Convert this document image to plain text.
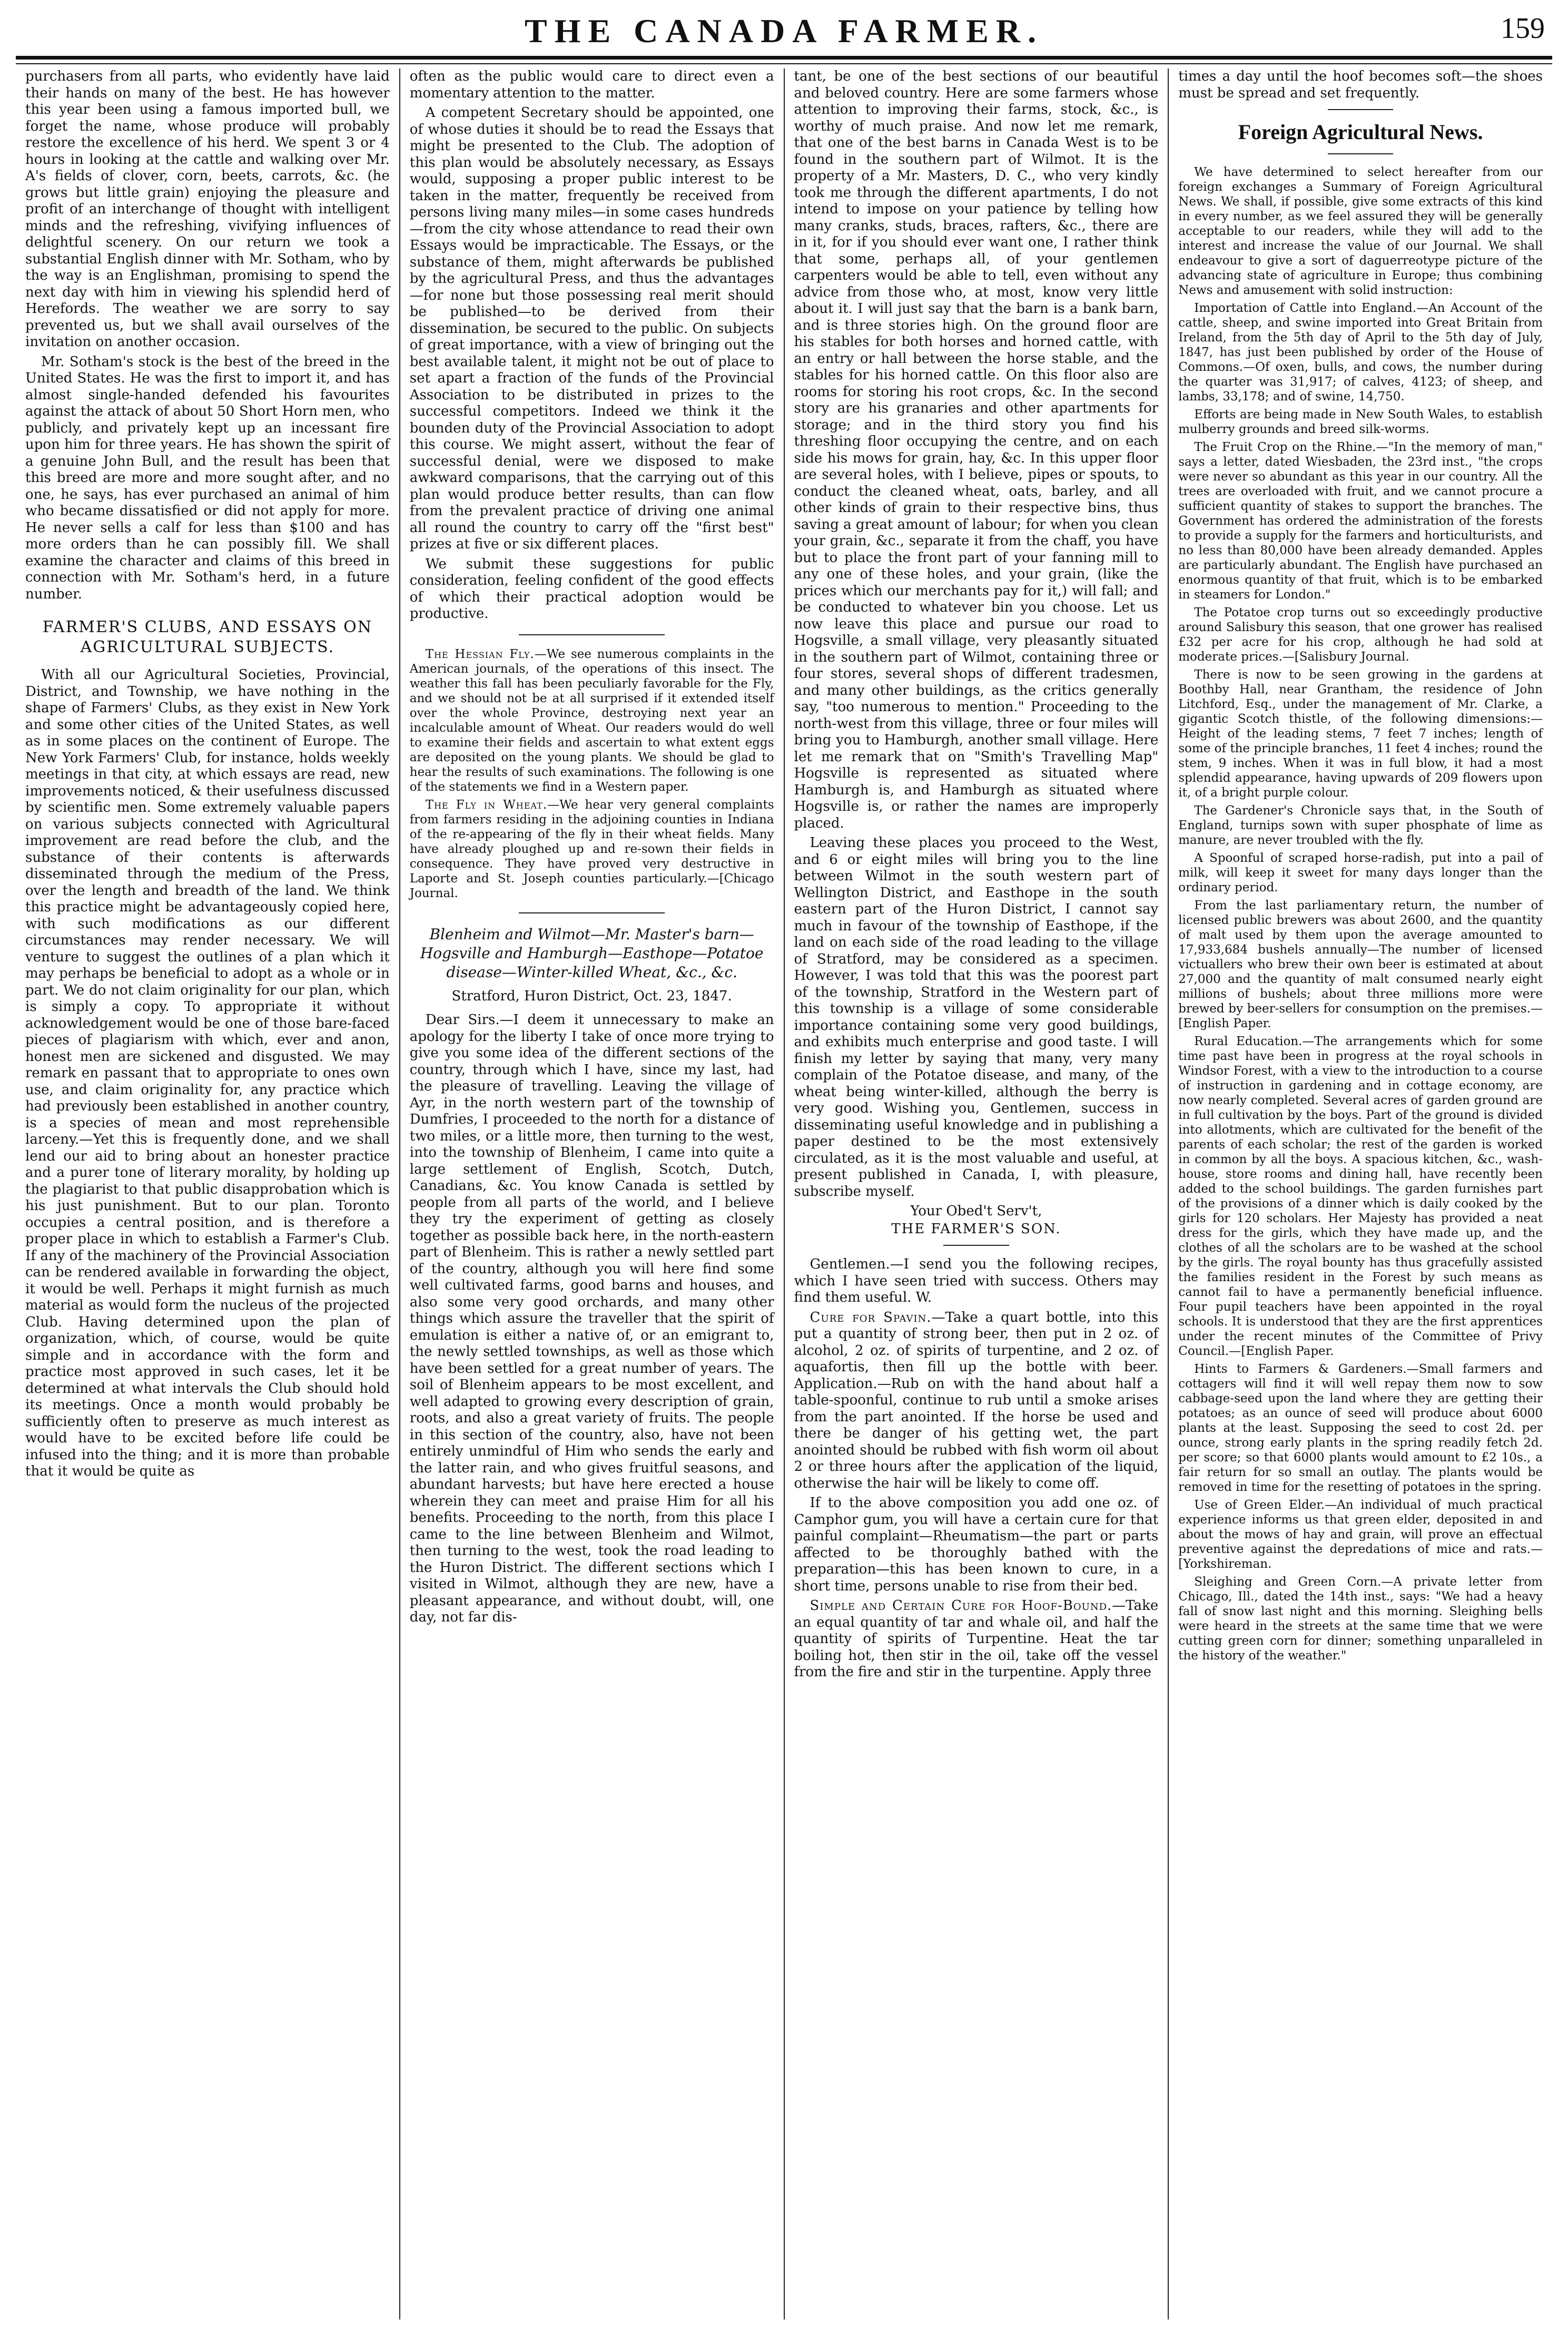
THE CANADA FARMER.	159

purchasers from all parts, who evidently have laid their hands on many of the best. He has however this year been using a famous imported bull, we forget the name, whose produce will probably restore the excellence of his herd. We spent 3 or 4 hours in looking at the cattle and walking over Mr. A's fields of clover, corn, beets, carrots, &c. (he grows but little grain) enjoying the pleasure and profit of an interchange of thought with intelligent minds and the refreshing, vivifying influences of delightful scenery. On our return we took a substantial English dinner with Mr. Sotham, who by the way is an Englishman, promising to spend the next day with him in viewing his splendid herd of Herefords. The weather we are sorry to say prevented us, but we shall avail ourselves of the invitation on another occasion.

Mr. Sotham's stock is the best of the breed in the United States. He was the first to import it, and has almost single-handed defended his favourites against the attack of about 50 Short Horn men, who publicly, and privately kept up an incessant fire upon him for three years. He has shown the spirit of a genuine John Bull, and the result has been that this breed are more and more sought after, and no one, he says, has ever purchased an animal of him who became dissatisfied or did not apply for more. He never sells a calf for less than $100 and has more orders than he can possibly fill. We shall examine the character and claims of this breed in connection with Mr. Sotham's herd, in a future number.

FARMER'S CLUBS, AND ESSAYS ON AGRICULTURAL SUBJECTS.

With all our Agricultural Societies, Provincial, District, and Township, we have nothing in the shape of Farmers' Clubs, as they exist in New York and some other cities of the United States, as well as in some places on the continent of Europe. The New York Farmers' Club, for instance, holds weekly meetings in that city, at which essays are read, new improvements noticed, & their usefulness discussed by scientific men. Some extremely valuable papers on various subjects connected with Agricultural improvement are read before the club, and the substance of their contents is afterwards disseminated through the medium of the Press, over the length and breadth of the land. We think this practice might be advantageously copied here, with such modifications as our different circumstances may render necessary. We will venture to suggest the outlines of a plan which it may perhaps be beneficial to adopt as a whole or in part. We do not claim originality for our plan, which is simply a copy. To appropriate it without acknowledgement would be one of those bare-faced pieces of plagiarism with which, ever and anon, honest men are sickened and disgusted. We may remark en passant that to appropriate to ones own use, and claim originality for, any practice which had previously been established in another country, is a species of mean and most reprehensible larceny.—Yet this is frequently done, and we shall lend our aid to bring about an honester practice and a purer tone of literary morality, by holding up the plagiarist to that public disapprobation which is his just punishment. But to our plan. Toronto occupies a central position, and is therefore a proper place in which to establish a Farmer's Club. If any of the machinery of the Provincial Association can be rendered available in forwarding the object, it would be well. Perhaps it might furnish as much material as would form the nucleus of the projected Club. Having determined upon the plan of organization, which, of course, would be quite simple and in accordance with the form and practice most approved in such cases, let it be determined at what intervals the Club should hold its meetings. Once a month would probably be sufficiently often to preserve as much interest as would have to be excited before life could be infused into the thing; and it is more than probable that it would be quite as

often as the public would care to direct even a momentary attention to the matter.

A competent Secretary should be appointed, one of whose duties it should be to read the Essays that might be presented to the Club. The adoption of this plan would be absolutely necessary, as Essays would, supposing a proper public interest to be taken in the matter, frequently be received from persons living many miles—in some cases hundreds—from the city whose attendance to read their own Essays would be impracticable. The Essays, or the substance of them, might afterwards be published by the agricultural Press, and thus the advantages—for none but those possessing real merit should be published—to be derived from their dissemination, be secured to the public. On subjects of great importance, with a view of bringing out the best available talent, it might not be out of place to set apart a fraction of the funds of the Provincial Association to be distributed in prizes to the successful competitors. Indeed we think it the bounden duty of the Provincial Association to adopt this course. We might assert, without the fear of successful denial, were we disposed to make awkward comparisons, that the carrying out of this plan would produce better results, than can flow from the prevalent practice of driving one animal all round the country to carry off the "first best" prizes at five or six different places.

We submit these suggestions for public consideration, feeling confident of the good effects of which their practical adoption would be productive.

The Hessian Fly.—We see numerous complaints in the American journals, of the operations of this insect. The weather this fall has been peculiarly favorable for the Fly, and we should not be at all surprised if it extended itself over the whole Province, destroying next year an incalculable amount of Wheat. Our readers would do well to examine their fields and ascertain to what extent eggs are deposited on the young plants. We should be glad to hear the results of such examinations. The following is one of the statements we find in a Western paper.

The Fly in Wheat.—We hear very general complaints from farmers residing in the adjoining counties in Indiana of the re-appearing of the fly in their wheat fields. Many have already ploughed up and re-sown their fields in consequence. They have proved very destructive in Laporte and St. Joseph counties particularly.—[Chicago Journal.

Blenheim and Wilmot—Mr. Master's barn—Hogsville and Hamburgh—Easthope—Potatoe disease—Winter-killed Wheat, &c., &c.

Stratford, Huron District, Oct. 23, 1847.

Dear Sirs.—I deem it unnecessary to make an apology for the liberty I take of once more trying to give you some idea of the different sections of the country, through which I have, since my last, had the pleasure of travelling. Leaving the village of Ayr, in the north western part of the township of Dumfries, I proceeded to the north for a distance of two miles, or a little more, then turning to the west, into the township of Blenheim, I came into quite a large settlement of English, Scotch, Dutch, Canadians, &c. You know Canada is settled by people from all parts of the world, and I believe they try the experiment of getting as closely together as possible back here, in the north-eastern part of Blenheim. This is rather a newly settled part of the country, although you will here find some well cultivated farms, good barns and houses, and also some very good orchards, and many other things which assure the traveller that the spirit of emulation is either a native of, or an emigrant to, the newly settled townships, as well as those which have been settled for a great number of years. The soil of Blenheim appears to be most excellent, and well adapted to growing every description of grain, roots, and also a great variety of fruits. The people in this section of the country, also, have not been entirely unmindful of Him who sends the early and the latter rain, and who gives fruitful seasons, and abundant harvests; but have here erected a house wherein they can meet and praise Him for all his benefits. Proceeding to the north, from this place I came to the line between Blenheim and Wilmot, then turning to the west, took the road leading to the Huron District. The different sections which I visited in Wilmot, although they are new, have a pleasant appearance, and without doubt, will, one day, not far dis-

tant, be one of the best sections of our beautiful and beloved country. Here are some farmers whose attention to improving their farms, stock, &c., is worthy of much praise. And now let me remark, that one of the best barns in Canada West is to be found in the southern part of Wilmot. It is the property of a Mr. Masters, D. C., who very kindly took me through the different apartments, I do not intend to impose on your patience by telling how many cranks, studs, braces, rafters, &c., there are in it, for if you should ever want one, I rather think that some, perhaps all, of your gentlemen carpenters would be able to tell, even without any advice from those who, at most, know very little about it. I will just say that the barn is a bank barn, and is three stories high. On the ground floor are his stables for both horses and horned cattle, with an entry or hall between the horse stable, and the stables for his horned cattle. On this floor also are rooms for storing his root crops, &c. In the second story are his granaries and other apartments for storage; and in the third story you find his threshing floor occupying the centre, and on each side his mows for grain, hay, &c. In this upper floor are several holes, with I believe, pipes or spouts, to conduct the cleaned wheat, oats, barley, and all other kinds of grain to their respective bins, thus saving a great amount of labour; for when you clean your grain, &c., separate it from the chaff, you have but to place the front part of your fanning mill to any one of these holes, and your grain, (like the prices which our merchants pay for it,) will fall; and be conducted to whatever bin you choose. Let us now leave this place and pursue our road to Hogsville, a small village, very pleasantly situated in the southern part of Wilmot, containing three or four stores, several shops of different tradesmen, and many other buildings, as the critics generally say, "too numerous to mention." Proceeding to the north-west from this village, three or four miles will bring you to Hamburgh, another small village. Here let me remark that on "Smith's Travelling Map" Hogsville is represented as situated where Hamburgh is, and Hamburgh as situated where Hogsville is, or rather the names are improperly placed.

Leaving these places you proceed to the West, and 6 or eight miles will bring you to the line between Wilmot in the south western part of Wellington District, and Easthope in the south eastern part of the Huron District, I cannot say much in favour of the township of Easthope, if the land on each side of the road leading to the village of Stratford, may be considered as a specimen. However, I was told that this was the poorest part of the township, Stratford in the Western part of this township is a village of some considerable importance containing some very good buildings, and exhibits much enterprise and good taste. I will finish my letter by saying that many, very many complain of the Potatoe disease, and many, of the wheat being winter-killed, although the berry is very good. Wishing you, Gentlemen, success in disseminating useful knowledge and in publishing a paper destined to be the most extensively circulated, as it is the most valuable and useful, at present published in Canada, I, with pleasure, subscribe myself.

Your Obed't Serv't,

THE FARMER'S SON.

Gentlemen.—I send you the following recipes, which I have seen tried with success. Others may find them useful. W.

Cure for Spavin.—Take a quart bottle, into this put a quantity of strong beer, then put in 2 oz. of alcohol, 2 oz. of spirits of turpentine, and 2 oz. of aquafortis, then fill up the bottle with beer. Application.—Rub on with the hand about half a table-spoonful, continue to rub until a smoke arises from the part anointed. If the horse be used and there be danger of his getting wet, the part anointed should be rubbed with fish worm oil about 2 or three hours after the application of the liquid, otherwise the hair will be likely to come off.

If to the above composition you add one oz. of Camphor gum, you will have a certain cure for that painful complaint—Rheumatism—the part or parts affected to be thoroughly bathed with the preparation—this has been known to cure, in a short time, persons unable to rise from their bed.

Simple and Certain Cure for Hoof-Bound.—Take an equal quantity of tar and whale oil, and half the quantity of spirits of Turpentine. Heat the tar boiling hot, then stir in the oil, take off the vessel from the fire and stir in the turpentine. Apply three

times a day until the hoof becomes soft—the shoes must be spread and set frequently.

Foreign Agricultural News.

We have determined to select hereafter from our foreign exchanges a Summary of Foreign Agricultural News. We shall, if possible, give some extracts of this kind in every number, as we feel assured they will be generally acceptable to our readers, while they will add to the interest and increase the value of our Journal. We shall endeavour to give a sort of daguerreotype picture of the advancing state of agriculture in Europe; thus combining News and amusement with solid instruction:

Importation of Cattle into England.—An Account of the cattle, sheep, and swine imported into Great Britain from Ireland, from the 5th day of April to the 5th day of July, 1847, has just been published by order of the House of Commons.—Of oxen, bulls, and cows, the number during the quarter was 31,917; of calves, 4123; of sheep, and lambs, 33,178; and of swine, 14,750.

Efforts are being made in New South Wales, to establish mulberry grounds and breed silk-worms.

The Fruit Crop on the Rhine.—"In the memory of man," says a letter, dated Wiesbaden, the 23rd inst., "the crops were never so abundant as this year in our country. All the trees are overloaded with fruit, and we cannot procure a sufficient quantity of stakes to support the branches. The Government has ordered the administration of the forests to provide a supply for the farmers and horticulturists, and no less than 80,000 have been already demanded. Apples are particularly abundant. The English have purchased an enormous quantity of that fruit, which is to be embarked in steamers for London."

The Potatoe crop turns out so exceedingly productive around Salisbury this season, that one grower has realised £32 per acre for his crop, although he had sold at moderate prices.—[Salisbury Journal.

There is now to be seen growing in the gardens at Boothby Hall, near Grantham, the residence of John Litchford, Esq., under the management of Mr. Clarke, a gigantic Scotch thistle, of the following dimensions:—Height of the leading stems, 7 feet 7 inches; length of some of the principle branches, 11 feet 4 inches; round the stem, 9 inches. When it was in full blow, it had a most splendid appearance, having upwards of 209 flowers upon it, of a bright purple colour.

The Gardener's Chronicle says that, in the South of England, turnips sown with super phosphate of lime as manure, are never troubled with the fly.

A Spoonful of scraped horse-radish, put into a pail of milk, will keep it sweet for many days longer than the ordinary period.

From the last parliamentary return, the number of licensed public brewers was about 2600, and the quantity of malt used by them upon the average amounted to 17,933,684 bushels annually—The number of licensed victuallers who brew their own beer is estimated at about 27,000 and the quantity of malt consumed nearly eight millions of bushels; about three millions more were brewed by beer-sellers for consumption on the premises.—[English Paper.

Rural Education.—The arrangements which for some time past have been in progress at the royal schools in Windsor Forest, with a view to the introduction to a course of instruction in gardening and in cottage economy, are now nearly completed. Several acres of garden ground are in full cultivation by the boys. Part of the ground is divided into allotments, which are cultivated for the benefit of the parents of each scholar; the rest of the garden is worked in common by all the boys. A spacious kitchen, &c., wash-house, store rooms and dining hall, have recently been added to the school buildings. The garden furnishes part of the provisions of a dinner which is daily cooked by the girls for 120 scholars. Her Majesty has provided a neat dress for the girls, which they have made up, and the clothes of all the scholars are to be washed at the school by the girls. The royal bounty has thus gracefully assisted the families resident in the Forest by such means as cannot fail to have a permanently beneficial influence. Four pupil teachers have been appointed in the royal schools. It is understood that they are the first apprentices under the recent minutes of the Committee of Privy Council.—[English Paper.

Hints to Farmers & Gardeners.—Small farmers and cottagers will find it will well repay them now to sow cabbage-seed upon the land where they are getting their potatoes; as an ounce of seed will produce about 6000 plants at the least. Supposing the seed to cost 2d. per ounce, strong early plants in the spring readily fetch 2d. per score; so that 6000 plants would amount to £2 10s., a fair return for so small an outlay. The plants would be removed in time for the resetting of potatoes in the spring.

Use of Green Elder.—An individual of much practical experience informs us that green elder, deposited in and about the mows of hay and grain, will prove an effectual preventive against the depredations of mice and rats.—[Yorkshireman.

Sleighing and Green Corn.—A private letter from Chicago, Ill., dated the 14th inst., says: "We had a heavy fall of snow last night and this morning. Sleighing bells were heard in the streets at the same time that we were cutting green corn for dinner; something unparalleled in the history of the weather."
